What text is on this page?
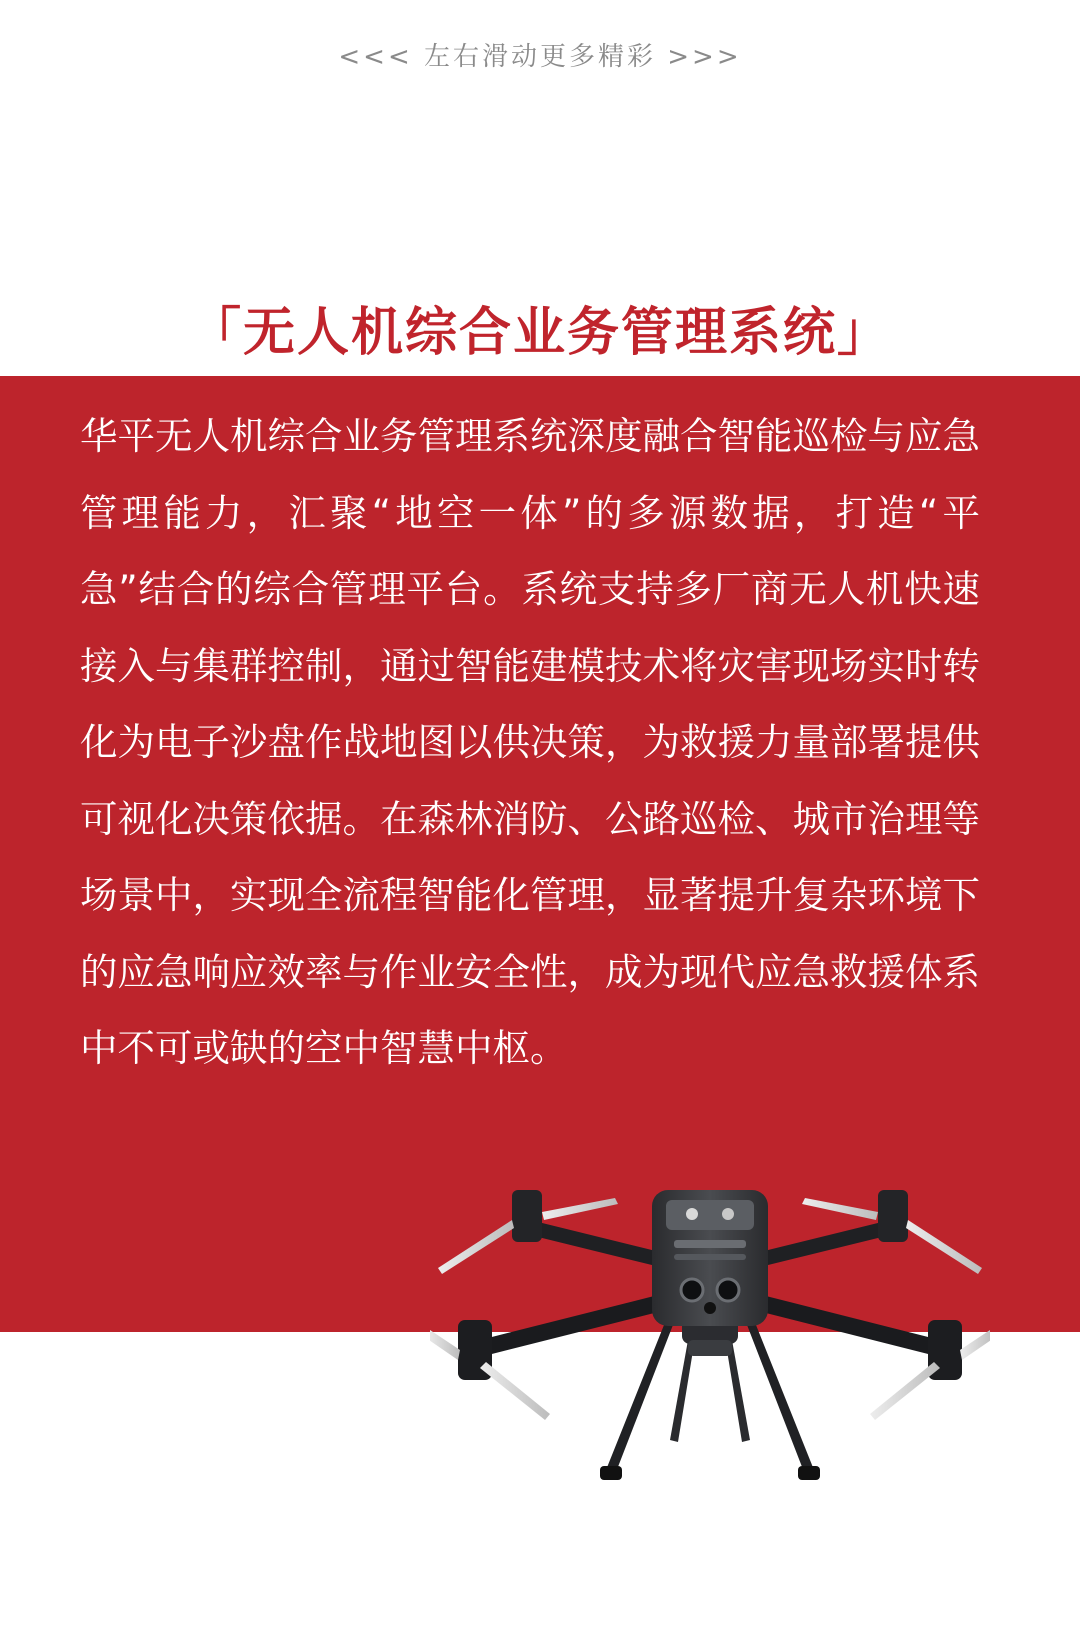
<<< 左右滑动更多精彩 >>>
「无人机综合业务管理系统」

华平无人机综合业务管理系统深度融合智能巡检与应急管理能力，汇聚“地空一体”的多源数据，打造“平急”结合的综合管理平台。系统支持多厂商无人机快速接入与集群控制，通过智能建模技术将灾害现场实时转化为电子沙盘作战地图以供决策，为救援力量部署提供可视化决策依据。在森林消防、公路巡检、城市治理等场景中，实现全流程智能化管理，显著提升复杂环境下的应急响应效率与作业安全性，成为现代应急救援体系中不可或缺的空中智慧中枢。
